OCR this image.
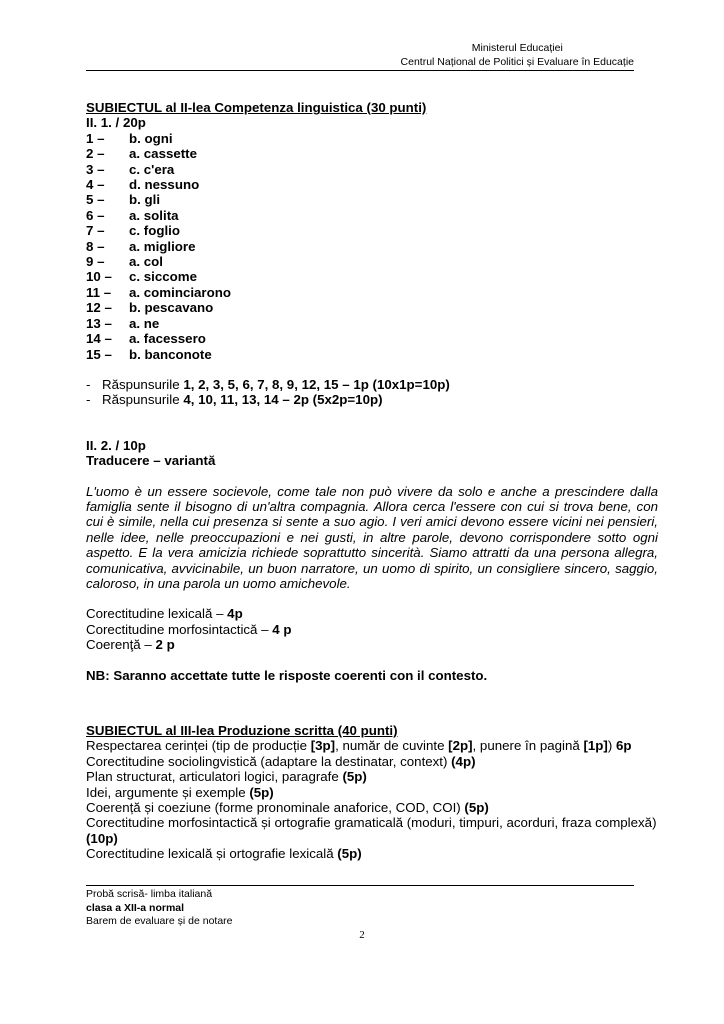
Ministerul Educației
Centrul Național de Politici și Evaluare în Educație
SUBIECTUL al II-lea Competenza linguistica (30 punti)
II. 1. / 20p
1 –	b. ogni
2 –	a. cassette
3 –	c. c'era
4 –	d. nessuno
5 –	b. gli
6 –	a. solita
7 –	c. foglio
8 –	a. migliore
9 –	a. col
10 –	c. siccome
11 –	a. cominciarono
12 –	b. pescavano
13 –	a. ne
14 –	a. facessero
15 –	b. banconote
- Răspunsurile 1, 2, 3, 5, 6, 7, 8, 9, 12, 15 – 1p (10x1p=10p)
- Răspunsurile 4, 10, 11, 13, 14 – 2p (5x2p=10p)
II. 2. / 10p
Traducere – variantă
L'uomo è un essere socievole, come tale non può vivere da solo e anche a prescindere dalla famiglia sente il bisogno di un'altra compagnia. Allora cerca l'essere con cui si trova bene, con cui è simile, nella cui presenza si sente a suo agio. I veri amici devono essere vicini nei pensieri, nelle idee, nelle preoccupazioni e nei gusti, in altre parole, devono corrispondere sotto ogni aspetto. E la vera amicizia richiede soprattutto sincerità. Siamo attratti da una persona allegra, comunicativa, avvicinabile, un buon narratore, un uomo di spirito, un consigliere sincero, saggio, caloroso, in una parola un uomo amichevole.
Corectitudine lexicală – 4p
Corectitudine morfosintactică – 4 p
Coerenţă – 2 p
NB: Saranno accettate tutte le risposte coerenti con il contesto.
SUBIECTUL al III-lea Produzione scritta (40 punti)
Respectarea cerinței (tip de producție [3p], număr de cuvinte [2p], punere în pagină [1p]) 6p
Corectitudine sociolingvistică (adaptare la destinatar, context) (4p)
Plan structurat, articulatori logici, paragrafe (5p)
Idei, argumente și exemple (5p)
Coerență și coeziune (forme pronominale anaforice, COD, COI) (5p)
Corectitudine morfosintactică și ortografie gramaticală (moduri, timpuri, acorduri, fraza complexă) (10p)
Corectitudine lexicală și ortografie lexicală (5p)
Probă scrisă- limba italiană
clasa a XII-a normal
Barem de evaluare și de notare
2
